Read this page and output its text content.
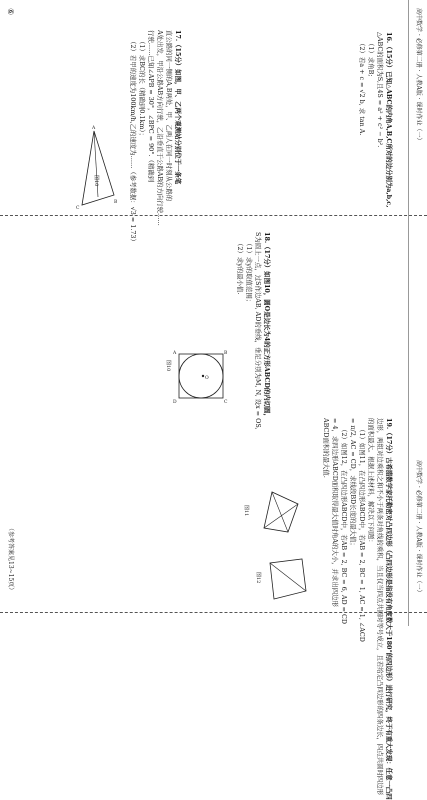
⑥	高中数学 · 必修第二册 · 人教A版 · 课时作业（一）
高中数学 · 必修第二册 · 人教A版 · 课时作业（一）
（参考答案见13~15页）
16.（15分）已知△ABC的内角A,B,C所对的边分别为a,b,c,
△ABC的面积为S,且4S = a² + c² − b².
（1）求角B;
（2）若a + c = √2 b, 求 tan A.
17.（15分）如图，甲、乙两个观测站分别位于一条笔
直公路的同一侧的A,B两处，甲、乙两人在同一时刻从公路的
A处出发，甲沿公路AB方向行驶，乙沿垂直于公路AB的方向行驶……
行驶……已知∠APB = 30°，∠BPC = 90°.（精确到
（1）求BC的长（精确到0.1km）；
（2）若甲的速度为100km/h,乙的速度为……（参考数据：√3 ≈ 1.73）
C
B
A
图10
18.（17分）如图10，圆O是边长为4的正方形ABCD的内切圆，
S为圆上一点，过S作边AB, AD的垂线，垂足分别为M, N, 设x = OS,
（1）求y的取值范围；
（2）求y的最小值.
A	B
C
D
O
图10
19.（17分）古希腊数学家托勒密对凸四边形（凸四边形是指没有角度数大于180°的四边形）进行研究，终于有重大发现：任意一凸四
边形，两组对边乘积之和不小于两条对角线的乘积，当且仅当四点共圆时等号成立，且若给定凸四边形的四条边长，四点共圆时四边形
的面积最大。根据上述材料，解决以下问题：
（1）如图11，在凸四边形ABCD中，若AB = 2, BC = 1, AC = 1, ∠ACD
= π/2, AC = CD，求线段BD长度的最大值；
（2）如图12，在凸四边形ABCD中，若AB = 2, BC = 6, AD = CD
= 4，求四边形ABCD面积取得最大值时角A的大小，并求出四边形
ABCD面积的最大值.
图11
图12
